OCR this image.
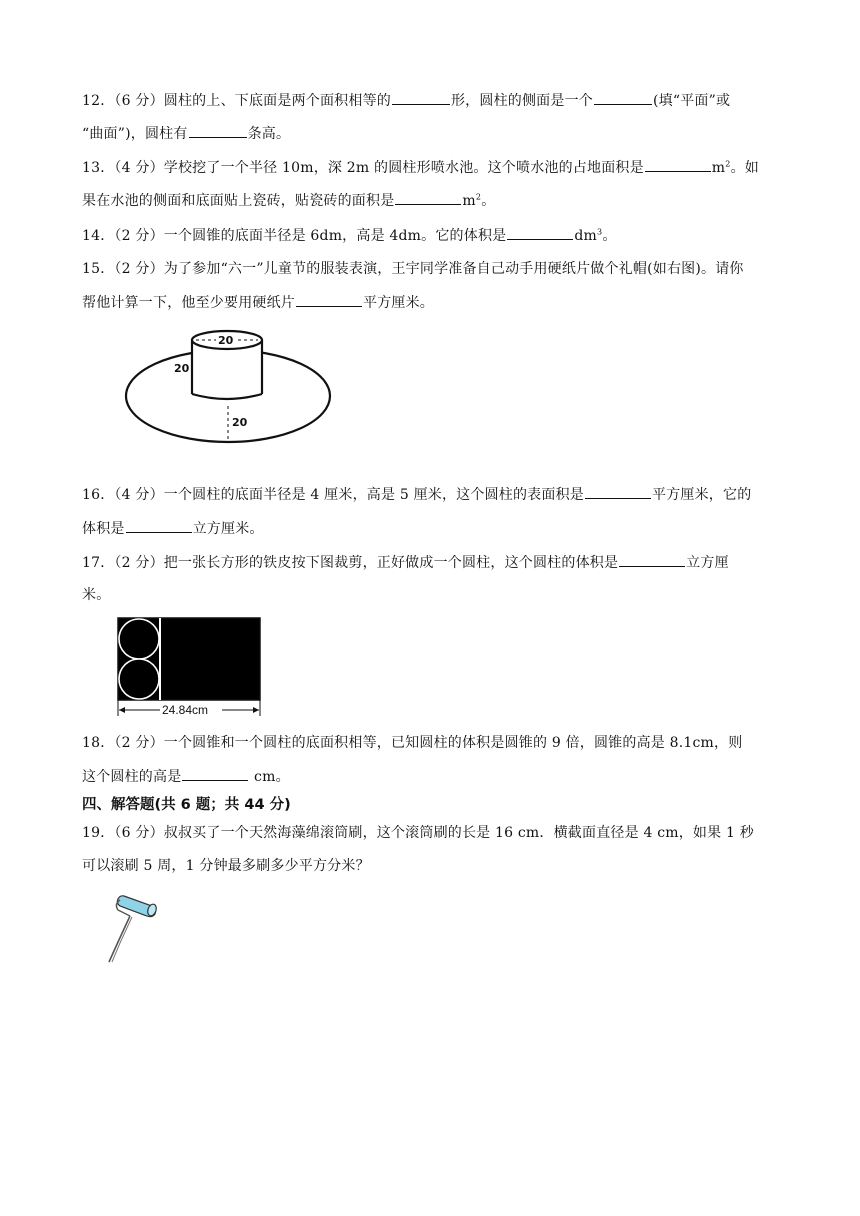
12．（6 分）圆柱的上、下底面是两个面积相等的	形，圆柱的侧面是一个	(填“平面”或
“曲面”)，圆柱有	条高。
13．（4 分）学校挖了一个半径 10m，深 2m 的圆柱形喷水池。这个喷水池的占地面积是	$m^2$。如
果在水池的侧面和底面贴上瓷砖，贴瓷砖的面积是	$m^2$。
14．（2 分）一个圆锥的底面半径是 6dm，高是 4dm。它的体积是	$dm^3$。
15．（2 分）为了参加“六一”儿童节的服装表演，王宇同学准备自己动手用硬纸片做个礼帽(如右图)。请你
帮他计算一下，他至少要用硬纸片	平方厘米。
20
20
20
16．（4 分）一个圆柱的底面半径是 4 厘米，高是 5 厘米，这个圆柱的表面积是	平方厘米，它的
体积是	立方厘米。
17．（2 分）把一张长方形的铁皮按下图裁剪，正好做成一个圆柱，这个圆柱的体积是	立方厘
米。
24.84cm
18．（2 分）一个圆锥和一个圆柱的底面积相等，已知圆柱的体积是圆锥的 9 倍，圆锥的高是 8.1cm，则
这个圆柱的高是	cm。
四、解答题(共 6 题；共 44 分)
19．（6 分）叔叔买了一个天然海藻绵滚筒刷，这个滚筒刷的长是 16 cm．横截面直径是 4 cm，如果 1 秒
可以滚刷 5 周，1 分钟最多刷多少平方分米？
